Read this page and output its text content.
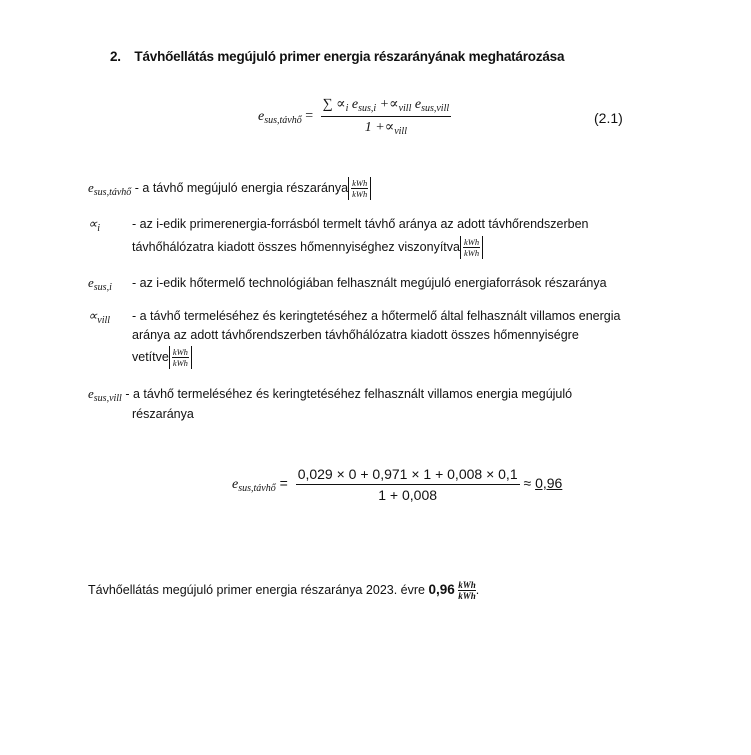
2. Távhőellátás megújuló primer energia részarányának meghatározása
$e_{sus,távhő} = \frac{\sum \propto_i e_{sus,i} +\propto_{vill} e_{sus,vill}}{1 +\propto_{vill}}$	(2.1)
$e_{sus,távhő}$ - a távhő megújuló energia részaránya kWh
kWh
$\propto_i$	- az i-edik primerenergia-forrásból termelt távhő aránya az adott távhőrendszerben
távhőhálózatra kiadott összes hőmennyiséghez viszonyítva kWh
kWh
$e_{sus,i}$ - az i-edik hőtermelő technológiában felhasznált megújuló energiaforrások részaránya
$\propto_{vill} - a$ távhő termeléséhez és keringtetéséhez a hőtermelő által felhasznált villamos energia
aránya az adott távhőrendszerben távhőhálózatra kiadott összes hőmennyiségre
vetítve kWh
kWh
$e_{sus,vill}$ - a távhő termeléséhez és keringtetéséhez felhasznált villamos energia megújuló
részaránya
$e_{sus,távhő} = \frac{0,029 \times 0 + 0,971 \times 1 + 0,008 \times 0,1}{1 + 0,008} \approx 0,96$
Távhőellátás megújuló primer energia részaránya 2023. évre 0,96 kWh
kWh .
